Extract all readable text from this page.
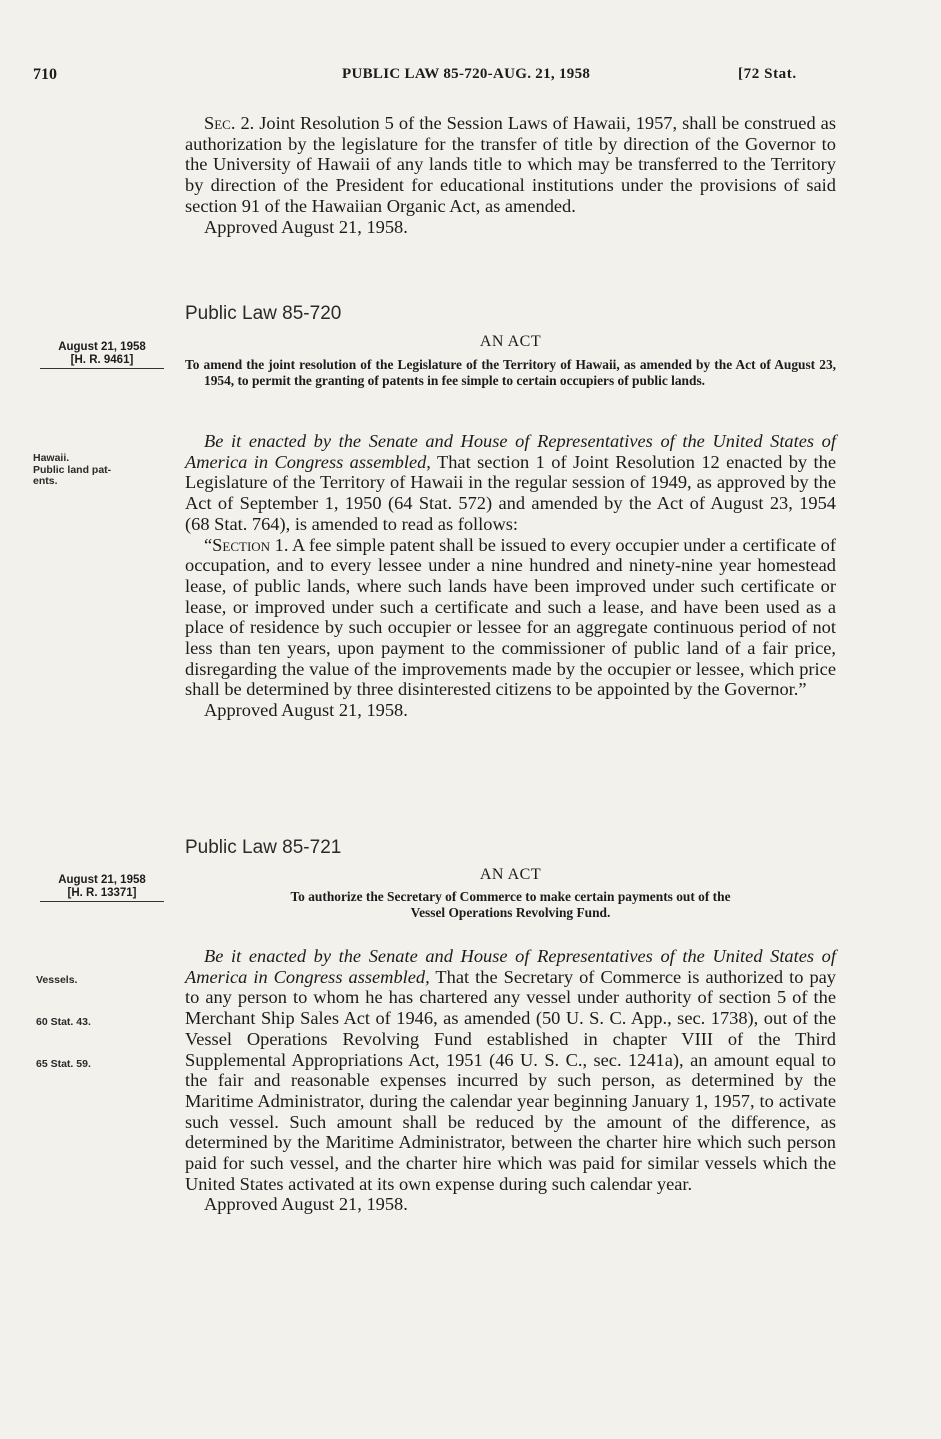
710	PUBLIC LAW 85-720-AUG. 21, 1958	[72 Stat.

Sec. 2. Joint Resolution 5 of the Session Laws of Hawaii, 1957, shall be construed as authorization by the legislature for the transfer of title by direction of the Governor to the University of Hawaii of any lands title to which may be transferred to the Territory by direction of the President for educational institutions under the provisions of said section 91 of the Hawaiian Organic Act, as amended.

Approved August 21, 1958.

Public Law 85-720
AN ACT
August 21, 1958
[H. R. 9461]	To amend the joint resolution of the Legislature of the Territory of Hawaii, as amended by the Act of August 23, 1954, to permit the granting of patents in fee simple to certain occupiers of public lands.

Hawaii.
Public land pat-
ents.

Be it enacted by the Senate and House of Representatives of the United States of America in Congress assembled, That section 1 of Joint Resolution 12 enacted by the Legislature of the Territory of Hawaii in the regular session of 1949, as approved by the Act of September 1, 1950 (64 Stat. 572) and amended by the Act of August 23, 1954 (68 Stat. 764), is amended to read as follows:

“Section 1. A fee simple patent shall be issued to every occupier under a certificate of occupation, and to every lessee under a nine hundred and ninety-nine year homestead lease, of public lands, where such lands have been improved under such certificate or lease, or improved under such a certificate and such a lease, and have been used as a place of residence by such occupier or lessee for an aggregate continuous period of not less than ten years, upon payment to the commissioner of public land of a fair price, disregarding the value of the improvements made by the occupier or lessee, which price shall be determined by three disinterested citizens to be appointed by the Governor.”

Approved August 21, 1958.

Public Law 85-721
AN ACT
August 21, 1958
[H. R. 13371]	To authorize the Secretary of Commerce to make certain payments out of the

Vessel Operations Revolving Fund.

Vessels.
60 Stat. 43.
65 Stat. 59.

Be it enacted by the Senate and House of Representatives of the United States of America in Congress assembled, That the Secretary of Commerce is authorized to pay to any person to whom he has chartered any vessel under authority of section 5 of the Merchant Ship Sales Act of 1946, as amended (50 U. S. C. App., sec. 1738), out of the Vessel Operations Revolving Fund established in chapter VIII of the Third Supplemental Appropriations Act, 1951 (46 U. S. C., sec. 1241a), an amount equal to the fair and reasonable expenses incurred by such person, as determined by the Maritime Administrator, during the calendar year beginning January 1, 1957, to activate such vessel. Such amount shall be reduced by the amount of the difference, as determined by the Maritime Administrator, between the charter hire which such person paid for such vessel, and the charter hire which was paid for similar vessels which the United States activated at its own expense during such calendar year.

Approved August 21, 1958.
